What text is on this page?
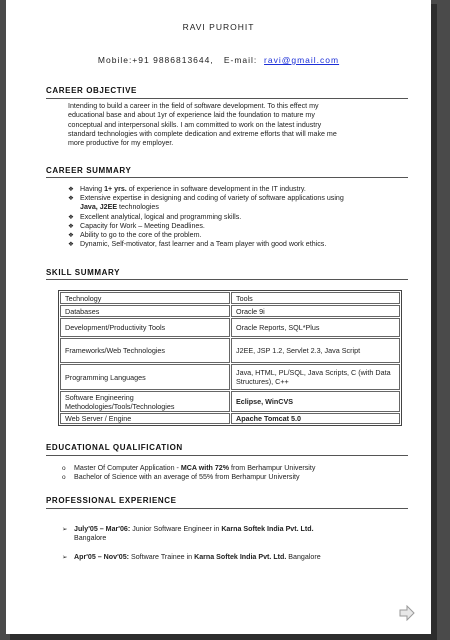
RAVI PUROHIT
Mobile:+91 9886813644, E-mail: ravi@gmail.com
CAREER OBJECTIVE
Intending to build a career in the field of software development. To this effect my
educational base and about 1yr of experience laid the foundation to mature my
conceptual and interpersonal skills. I am committed to work on the latest industry
standard technologies with complete dedication and extreme efforts that will make me
more productive for my employer.
CAREER SUMMARY
❖ Having 1+ yrs. of experience in software development in the IT industry.
❖ Extensive expertise in designing and coding of variety of software applications using
Java, J2EE technologies
❖ Excellent analytical, logical and programming skills.
❖ Capacity for Work – Meeting Deadlines.
❖ Ability to go to the core of the problem.
❖ Dynamic, Self-motivator, fast learner and a Team player with good work ethics.
SKILL SUMMARY
Technology	Tools
Databases	Oracle 9i
Development/Productivity Tools	Oracle Reports, SQL*Plus
Frameworks/Web Technologies	J2EE, JSP 1.2, Servlet 2.3, Java Script
Programming Languages	Java, HTML, PL/SQL, Java Scripts, C (with Data Structures), C++
Software Engineering Methodologies/Tools/Technologies	Eclipse, WinCVS
Web Server / Engine	Apache Tomcat 5.0
EDUCATIONAL QUALIFICATION
o Master Of Computer Application - MCA with 72% from Berhampur University
o Bachelor of Science with an average of 55% from Berhampur University
PROFESSIONAL EXPERIENCE
➢ July'05 – Mar'06: Junior Software Engineer in Karna Softek India Pvt. Ltd.
Bangalore
➢ Apr'05 – Nov'05: Software Trainee in Karna Softek India Pvt. Ltd. Bangalore
